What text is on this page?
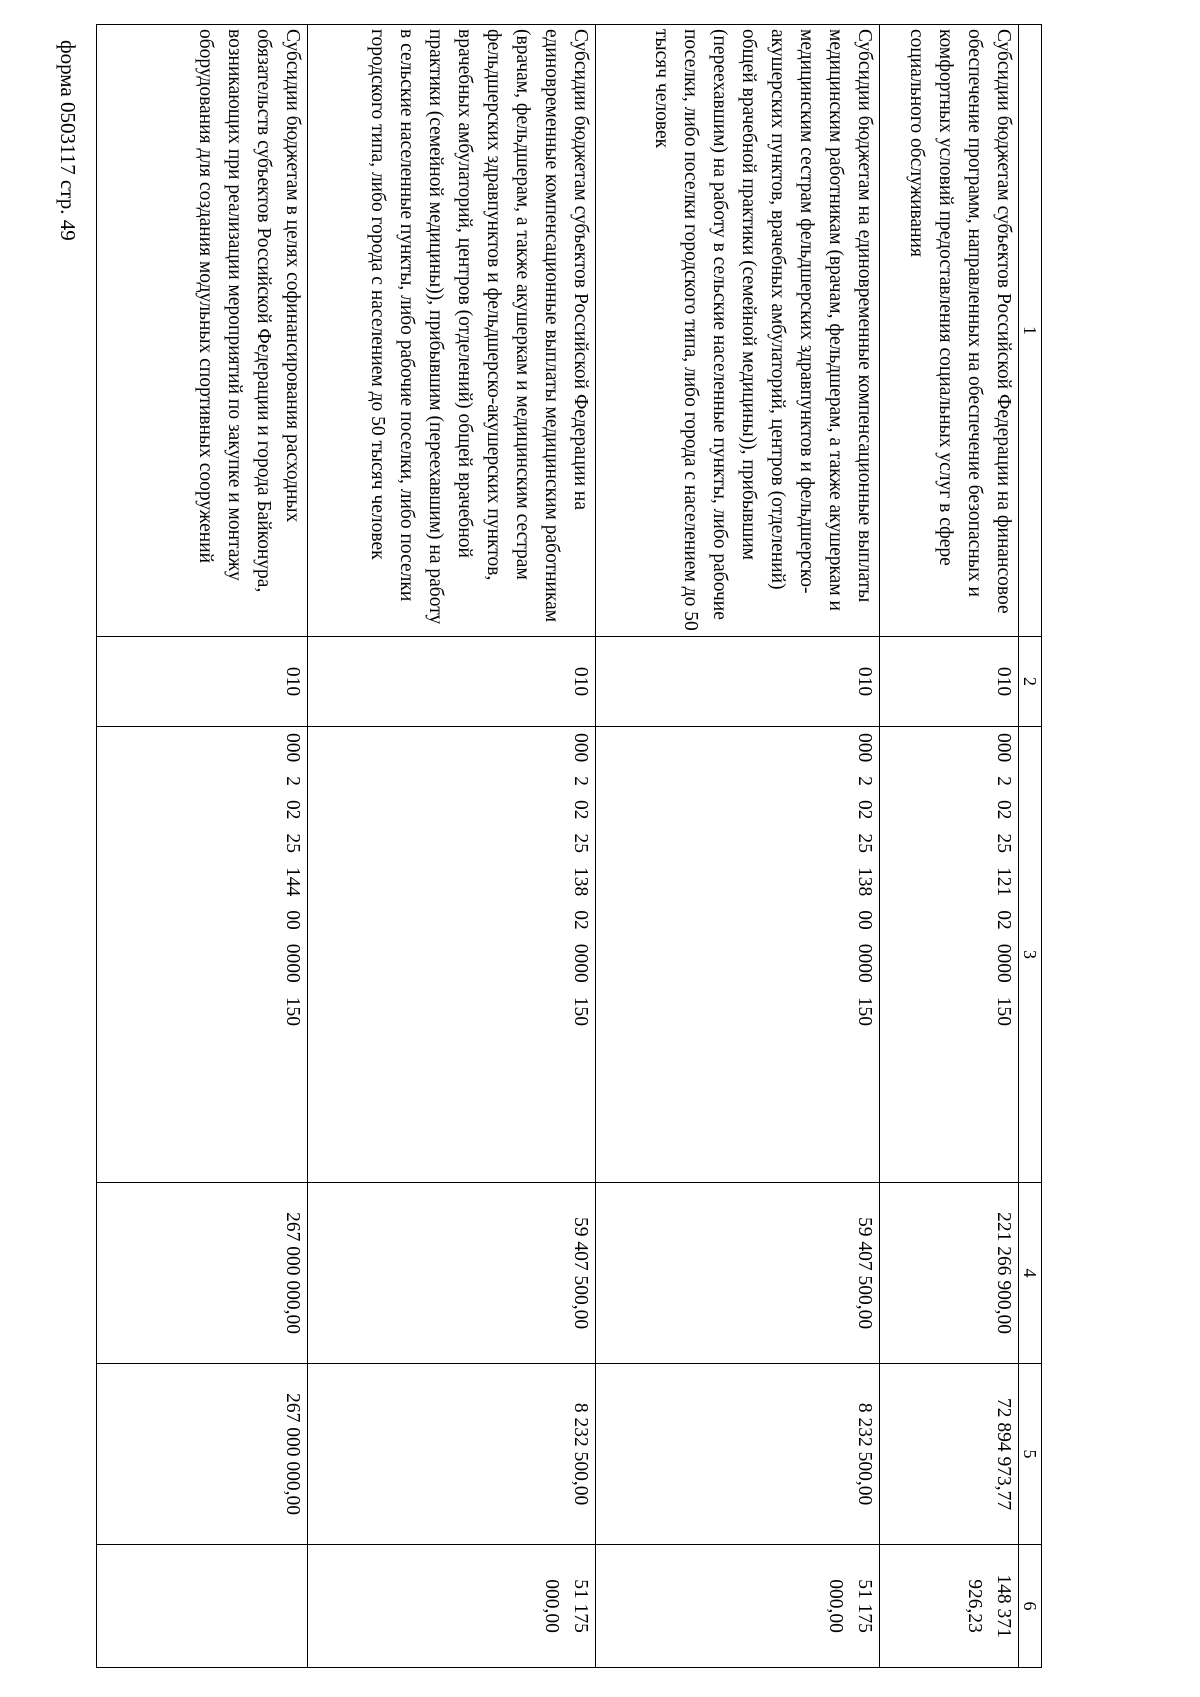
форма 0503117 стр. 49
1	2	3	4	5	6
Субсидии бюджетам субъектов Российской Федерации на финансовое обеспечение программ, направленных на обеспечение безопасных и комфортных условий предоставления социальных услуг в сфере социального обслуживания	010	00020225121020000150	221 266 900,00	72 894 973,77	148 371 926,23
Субсидии бюджетам на единовременные компенсационные выплаты медицинским работникам (врачам, фельдшерам, а также акушеркам и медицинским сестрам фельдшерских здравпунктов и фельдшерско-акушерских пунктов, врачебных амбулаторий, центров (отделений) общей врачебной практики (семейной медицины)), прибывшим (переехавшим) на работу в сельские населенные пункты, либо рабочие поселки, либо поселки городского типа, либо города с населением до 50 тысяч человек	010	00020225138000000150	59 407 500,00	8 232 500,00	51 175 000,00
Субсидии бюджетам субъектов Российской Федерации на единовременные компенсационные выплаты медицинским работникам (врачам, фельдшерам, а также акушеркам и медицинским сестрам фельдшерских здравпунктов и фельдшерско-акушерских пунктов, врачебных амбулаторий, центров (отделений) общей врачебной практики (семейной медицины)), прибывшим (переехавшим) на работу в сельские населенные пункты, либо рабочие поселки, либо поселки городского типа, либо города с населением до 50 тысяч человек	010	00020225138020000150	59 407 500,00	8 232 500,00	51 175 000,00
Субсидии бюджетам в целях софинансирования расходных обязательств субъектов Российской Федерации и города Байконура, возникающих при реализации мероприятий по закупке и монтажу оборудования для создания модульных спортивных сооружений	010	00020225144000000150	267 000 000,00	267 000 000,00	
